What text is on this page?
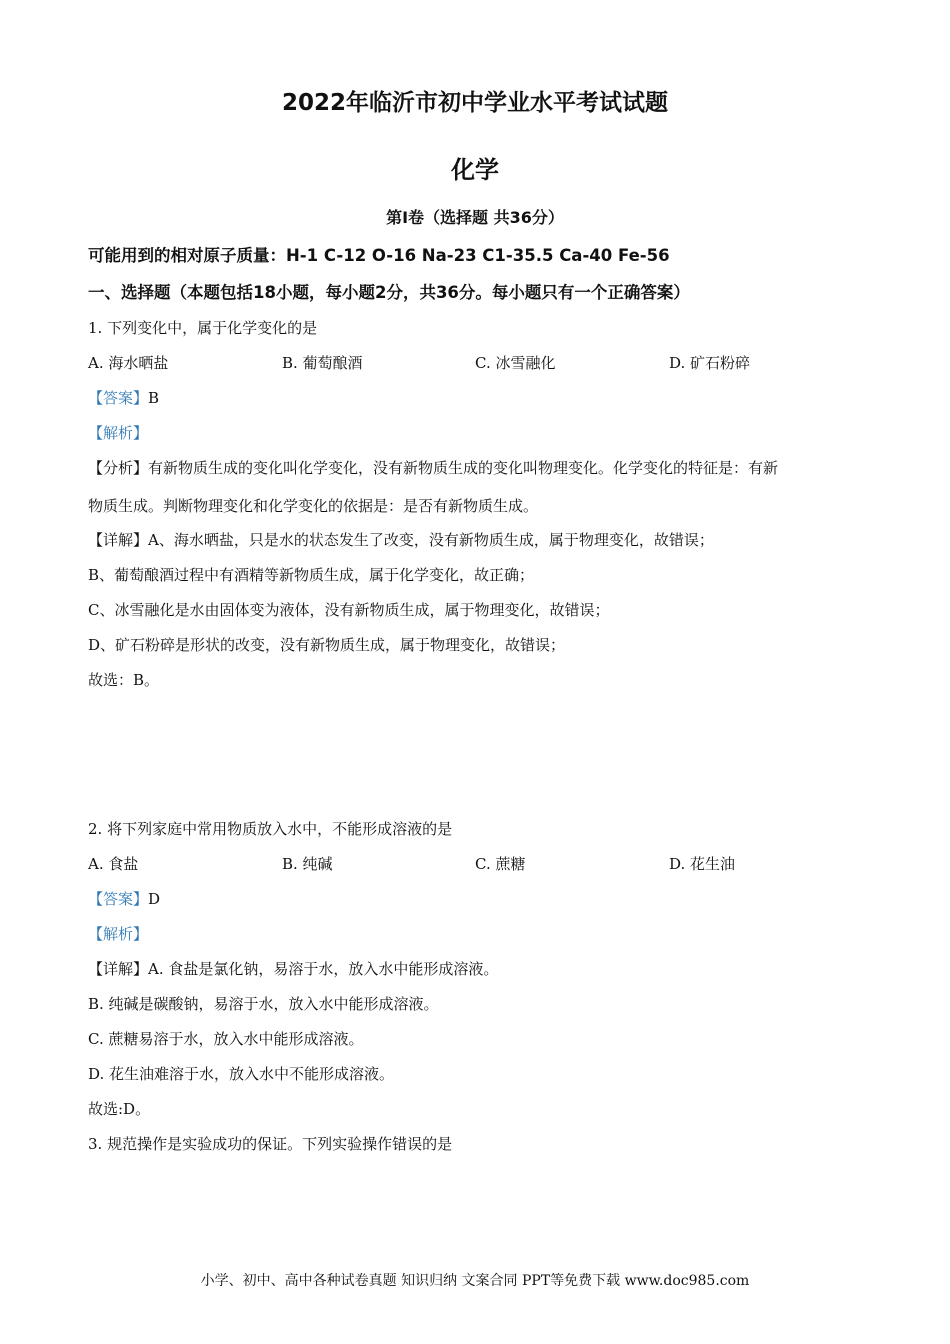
2022年临沂市初中学业水平考试试题
化学
第I卷（选择题 共36分）
可能用到的相对原子质量：H-1 C-12 O-16 Na-23 C1-35.5 Ca-40 Fe-56
一、选择题（本题包括18小题，每小题2分，共36分。每小题只有一个正确答案）
1. 下列变化中，属于化学变化的是
A. 海水晒盐	B. 葡萄酿酒	C. 冰雪融化	D. 矿石粉碎
【答案】B
【解析】
【分析】有新物质生成的变化叫化学变化，没有新物质生成的变化叫物理变化。化学变化的特征是：有新
物质生成。判断物理变化和化学变化的依据是：是否有新物质生成。
【详解】A、海水晒盐，只是水的状态发生了改变，没有新物质生成，属于物理变化，故错误；
B、葡萄酿酒过程中有酒精等新物质生成，属于化学变化，故正确；
C、冰雪融化是水由固体变为液体，没有新物质生成，属于物理变化，故错误；
D、矿石粉碎是形状的改变，没有新物质生成，属于物理变化，故错误；
故选：B。
2. 将下列家庭中常用物质放入水中，不能形成溶液的是
A. 食盐	B. 纯碱	C. 蔗糖	D. 花生油
【答案】D
【解析】
【详解】A. 食盐是氯化钠，易溶于水，放入水中能形成溶液。
B. 纯碱是碳酸钠，易溶于水，放入水中能形成溶液。
C. 蔗糖易溶于水，放入水中能形成溶液。
D. 花生油难溶于水，放入水中不能形成溶液。
故选:D。
3. 规范操作是实验成功的保证。下列实验操作错误的是
小学、初中、高中各种试卷真题 知识归纳 文案合同 PPT等免费下载 www.doc985.com
